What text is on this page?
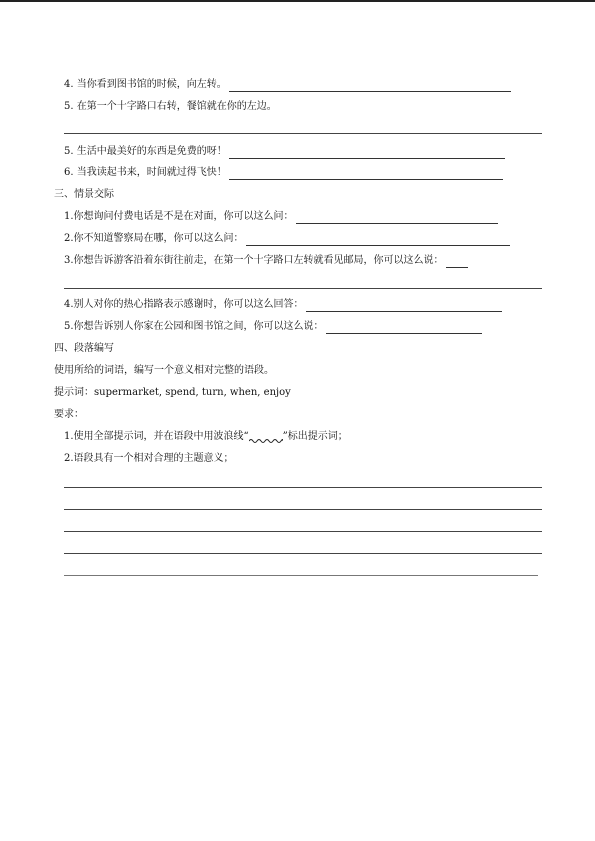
4. 当你看到图书馆的时候，向左转。
5. 在第一个十字路口右转，餐馆就在你的左边。
5. 生活中最美好的东西是免费的呀！
6. 当我读起书来，时间就过得飞快！
三、情景交际
1.你想询问付费电话是不是在对面，你可以这么问：
2.你不知道警察局在哪，你可以这么问：
3.你想告诉游客沿着东街往前走，在第一个十字路口左转就看见邮局，你可以这么说：
4.别人对你的热心指路表示感谢时，你可以这么回答：
5.你想告诉别人你家在公园和图书馆之间，你可以这么说：
四、段落编写
使用所给的词语，编写一个意义相对完整的语段。
提示词：supermarket, spend, turn, when, enjoy
要求：
1.使用全部提示词，并在语段中用波浪线“	”标出提示词；
2.语段具有一个相对合理的主题意义；
